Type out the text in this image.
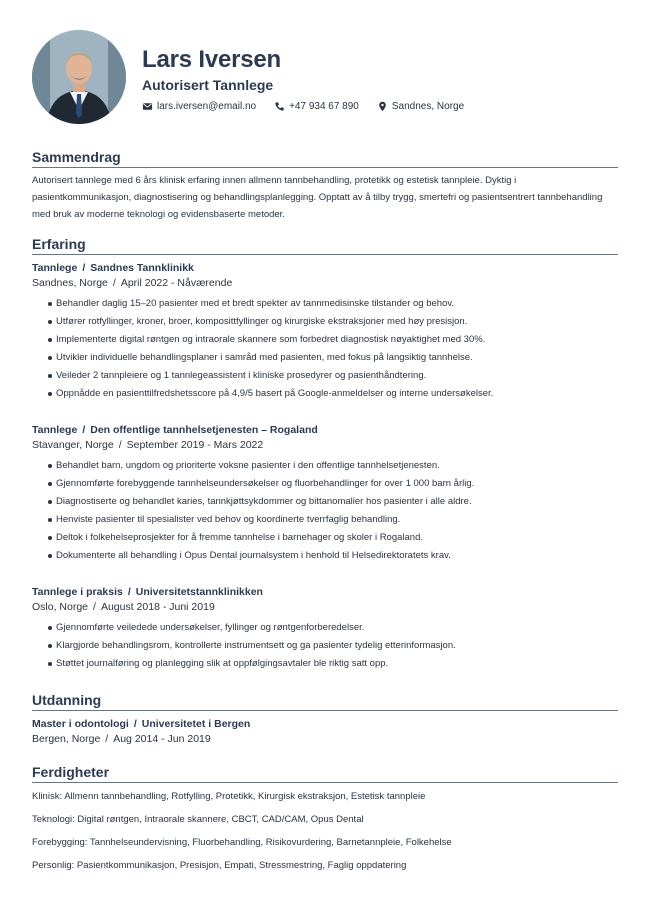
Lars Iversen
Autorisert Tannlege
lars.iversen@email.no	+47 934 67 890	Sandnes, Norge
Sammendrag
Autorisert tannlege med 6 års klinisk erfaring innen allmenn tannbehandling, protetikk og estetisk tannpleie. Dyktig i pasientkommunikasjon, diagnostisering og behandlingsplanlegging. Opptatt av å tilby trygg, smertefri og pasientsentrert tannbehandling med bruk av moderne teknologi og evidensbaserte metoder.
Erfaring
Tannlege / Sandnes Tannklinikk
Sandnes, Norge / April 2022 - Nåværende
Behandler daglig 15–20 pasienter med et bredt spekter av tannmedisinske tilstander og behov.
Utfører rotfyllinger, kroner, broer, komposittfyllinger og kirurgiske ekstraksjoner med høy presisjon.
Implementerte digital røntgen og intraorale skannere som forbedret diagnostisk nøyaktighet med 30%.
Utvikler individuelle behandlingsplaner i samråd med pasienten, med fokus på langsiktig tannhelse.
Veileder 2 tannpleiere og 1 tannlegeassistent i kliniske prosedyrer og pasienthåndtering.
Oppnådde en pasienttilfredshetsscore på 4,9/5 basert på Google-anmeldelser og interne undersøkelser.
Tannlege / Den offentlige tannhelsetjenesten – Rogaland
Stavanger, Norge / September 2019 - Mars 2022
Behandlet barn, ungdom og prioriterte voksne pasienter i den offentlige tannhelsetjenesten.
Gjennomførte forebyggende tannhelseundersøkelser og fluorbehandlinger for over 1 000 barn årlig.
Diagnostiserte og behandlet karies, tannkjøttsykdommer og bittanomalier hos pasienter i alle aldre.
Henviste pasienter til spesialister ved behov og koordinerte tverrfaglig behandling.
Deltok i folkehelseprosjekter for å fremme tannhelse i barnehager og skoler i Rogaland.
Dokumenterte all behandling i Opus Dental journalsystem i henhold til Helsedirektoratets krav.
Tannlege i praksis / Universitetstannklinikken
Oslo, Norge / August 2018 - Juni 2019
Gjennomførte veiledede undersøkelser, fyllinger og røntgenforberedelser.
Klargjorde behandlingsrom, kontrollerte instrumentsett og ga pasienter tydelig etterinformasjon.
Støttet journalføring og planlegging slik at oppfølgingsavtaler ble riktig satt opp.
Utdanning
Master i odontologi / Universitetet i Bergen
Bergen, Norge / Aug 2014 - Jun 2019
Ferdigheter
Klinisk: Allmenn tannbehandling, Rotfylling, Protetikk, Kirurgisk ekstraksjon, Estetisk tannpleie
Teknologi: Digital røntgen, Intraorale skannere, CBCT, CAD/CAM, Opus Dental
Forebygging: Tannhelseundervisning, Fluorbehandling, Risikovurdering, Barnetannpleie, Folkehelse
Personlig: Pasientkommunikasjon, Presisjon, Empati, Stressmestring, Faglig oppdatering
